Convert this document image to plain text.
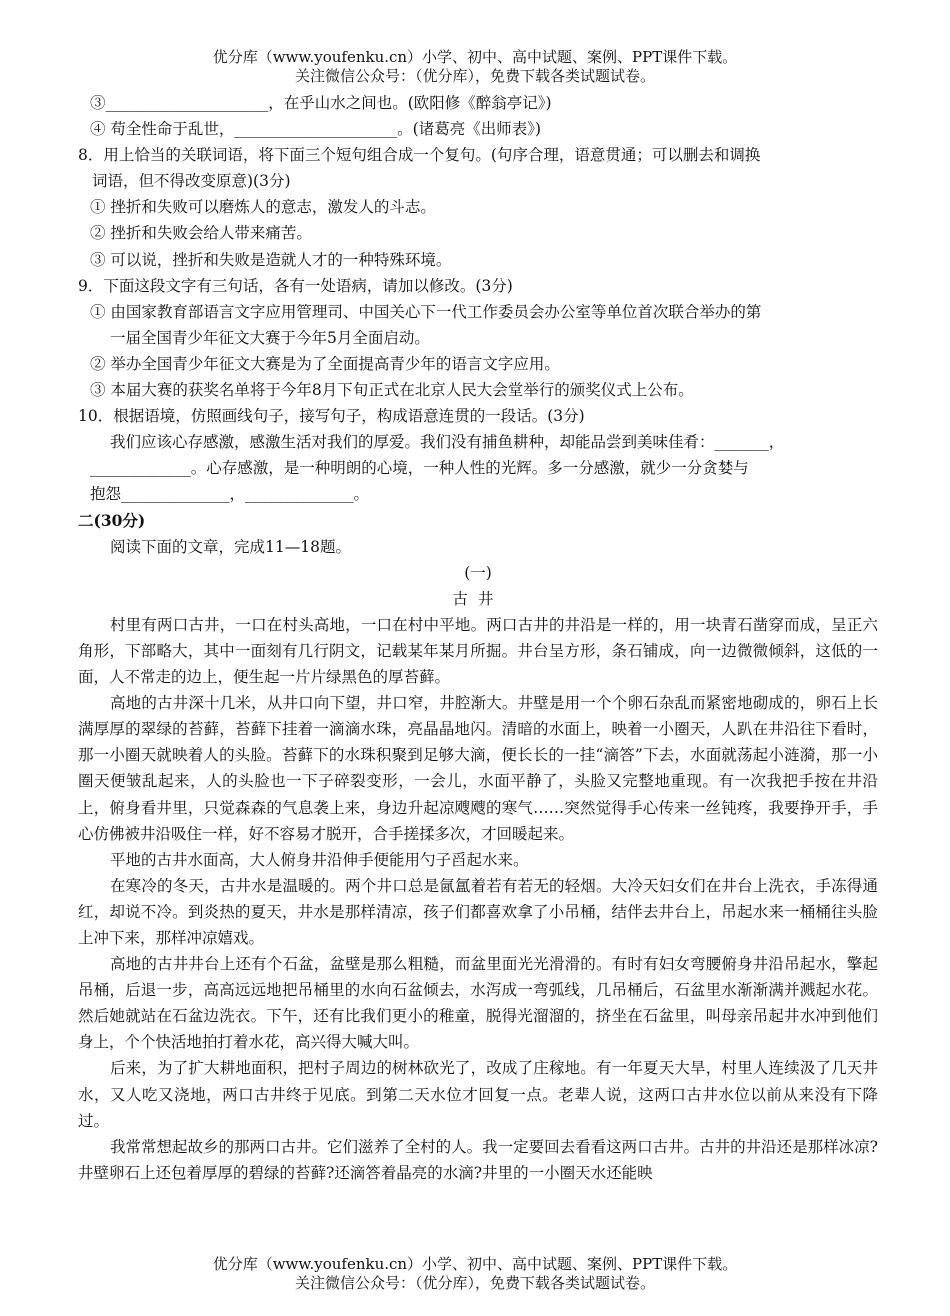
优分库（www.youfenku.cn）小学、初中、高中试题、案例、PPT课件下载。
关注微信公众号：（优分库），免费下载各类试题试卷。

③_____________________，在乎山水之间也。(欧阳修《醉翁亭记》)

④ 苟全性命于乱世，_____________________。(诸葛亮《出师表》)

8．用上恰当的关联词语，将下面三个短句组合成一个复句。(句序合理，语意贯通；可以删去和调换

词语，但不得改变原意)(3分)

① 挫折和失败可以磨炼人的意志，激发人的斗志。

② 挫折和失败会给人带来痛苦。

③ 可以说，挫折和失败是造就人才的一种特殊环境。

9．下面这段文字有三句话，各有一处语病，请加以修改。(3分)

① 由国家教育部语言文字应用管理司、中国关心下一代工作委员会办公室等单位首次联合举办的第

一届全国青少年征文大赛于今年5月全面启动。

② 举办全国青少年征文大赛是为了全面提高青少年的语言文字应用。

③ 本届大赛的获奖名单将于今年8月下旬正式在北京人民大会堂举行的颁奖仪式上公布。

10．根据语境，仿照画线句子，接写句子，构成语意连贯的一段话。(3分)

我们应该心存感激，感激生活对我们的厚爱。我们没有捕鱼耕种，却能品尝到美味佳肴：_______，

_____________。心存感激，是一种明朗的心境，一种人性的光辉。多一分感激，就少一分贪婪与

抱怨______________，______________。

二(30分)

阅读下面的文章，完成11—18题。

(一)

古井

村里有两口古井，一口在村头高地，一口在村中平地。两口古井的井沿是一样的，用一块青石凿穿而成，呈正六角形，下部略大，其中一面刻有几行阴文，记载某年某月所掘。井台呈方形，条石铺成，向一边微微倾斜，这低的一面，人不常走的边上，便生起一片片绿黑色的厚苔藓。

高地的古井深十几米，从井口向下望，井口窄，井腔渐大。井壁是用一个个卵石杂乱而紧密地砌成的，卵石上长满厚厚的翠绿的苔藓，苔藓下挂着一滴滴水珠，亮晶晶地闪。清暗的水面上，映着一小圈天，人趴在井沿往下看时，那一小圈天就映着人的头脸。苔藓下的水珠积聚到足够大滴，便长长的一挂“滴答”下去，水面就荡起小涟漪，那一小圈天便皱乱起来，人的头脸也一下子碎裂变形，一会儿，水面平静了，头脸又完整地重现。有一次我把手按在井沿上，俯身看井里，只觉森森的气息袭上来，身边升起凉飕飕的寒气……突然觉得手心传来一丝钝疼，我要挣开手，手心仿佛被井沿吸住一样，好不容易才脱开，合手搓揉多次，才回暖起来。

平地的古井水面高，大人俯身井沿伸手便能用勺子舀起水来。

在寒冷的冬天，古井水是温暖的。两个井口总是氤氲着若有若无的轻烟。大冷天妇女们在井台上洗衣，手冻得通红，却说不冷。到炎热的夏天，井水是那样清凉，孩子们都喜欢拿了小吊桶，结伴去井台上，吊起水来一桶桶往头脸上冲下来，那样冲凉嬉戏。

高地的古井井台上还有个石盆，盆壁是那么粗糙，而盆里面光光滑滑的。有时有妇女弯腰俯身井沿吊起水，擎起吊桶，后退一步，高高远远地把吊桶里的水向石盆倾去，水泻成一弯弧线，几吊桶后，石盆里水渐渐满并溅起水花。然后她就站在石盆边洗衣。下午，还有比我们更小的稚童，脱得光溜溜的，挤坐在石盆里，叫母亲吊起井水冲到他们身上，个个快活地拍打着水花，高兴得大喊大叫。

后来，为了扩大耕地面积，把村子周边的树林砍光了，改成了庄稼地。有一年夏天大旱，村里人连续汲了几天井水，又人吃又浇地，两口古井终于见底。到第二天水位才回复一点。老辈人说，这两口古井水位以前从来没有下降过。

我常常想起故乡的那两口古井。它们滋养了全村的人。我一定要回去看看这两口古井。古井的井沿还是那样冰凉?井壁卵石上还包着厚厚的碧绿的苔藓?还滴答着晶亮的水滴?井里的一小圈天水还能映

优分库（www.youfenku.cn）小学、初中、高中试题、案例、PPT课件下载。
关注微信公众号：（优分库），免费下载各类试题试卷。
